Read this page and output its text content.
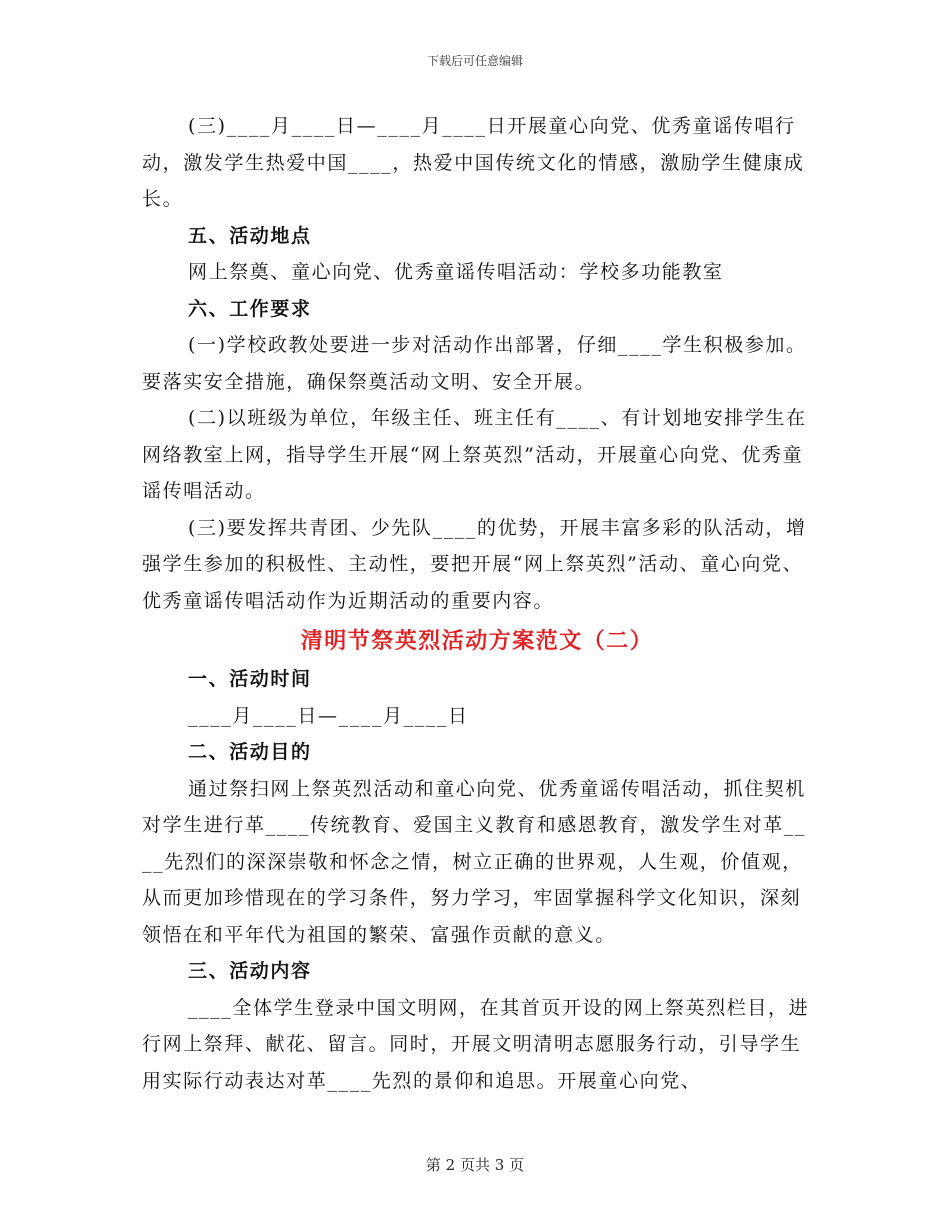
下载后可任意编辑

(三)____月____日—____月____日开展童心向党、优秀童谣传唱行动，激发学生热爱中国____，热爱中国传统文化的情感，激励学生健康成长。

五、活动地点

网上祭奠、童心向党、优秀童谣传唱活动：学校多功能教室

六、工作要求

(一)学校政教处要进一步对活动作出部署，仔细____学生积极参加。要落实安全措施，确保祭奠活动文明、安全开展。

(二)以班级为单位，年级主任、班主任有____、有计划地安排学生在网络教室上网，指导学生开展“网上祭英烈”活动，开展童心向党、优秀童谣传唱活动。

(三)要发挥共青团、少先队____的优势，开展丰富多彩的队活动，增强学生参加的积极性、主动性，要把开展“网上祭英烈”活动、童心向党、优秀童谣传唱活动作为近期活动的重要内容。

清明节祭英烈活动方案范文（二）

一、活动时间

____月____日—____月____日

二、活动目的

通过祭扫网上祭英烈活动和童心向党、优秀童谣传唱活动，抓住契机对学生进行革____传统教育、爱国主义教育和感恩教育，激发学生对革____先烈们的深深崇敬和怀念之情，树立正确的世界观，人生观，价值观，从而更加珍惜现在的学习条件，努力学习，牢固掌握科学文化知识，深刻领悟在和平年代为祖国的繁荣、富强作贡献的意义。

三、活动内容

____全体学生登录中国文明网，在其首页开设的网上祭英烈栏目，进行网上祭拜、献花、留言。同时，开展文明清明志愿服务行动，引导学生用实际行动表达对革____先烈的景仰和追思。开展童心向党、

第 2 页共 3 页
